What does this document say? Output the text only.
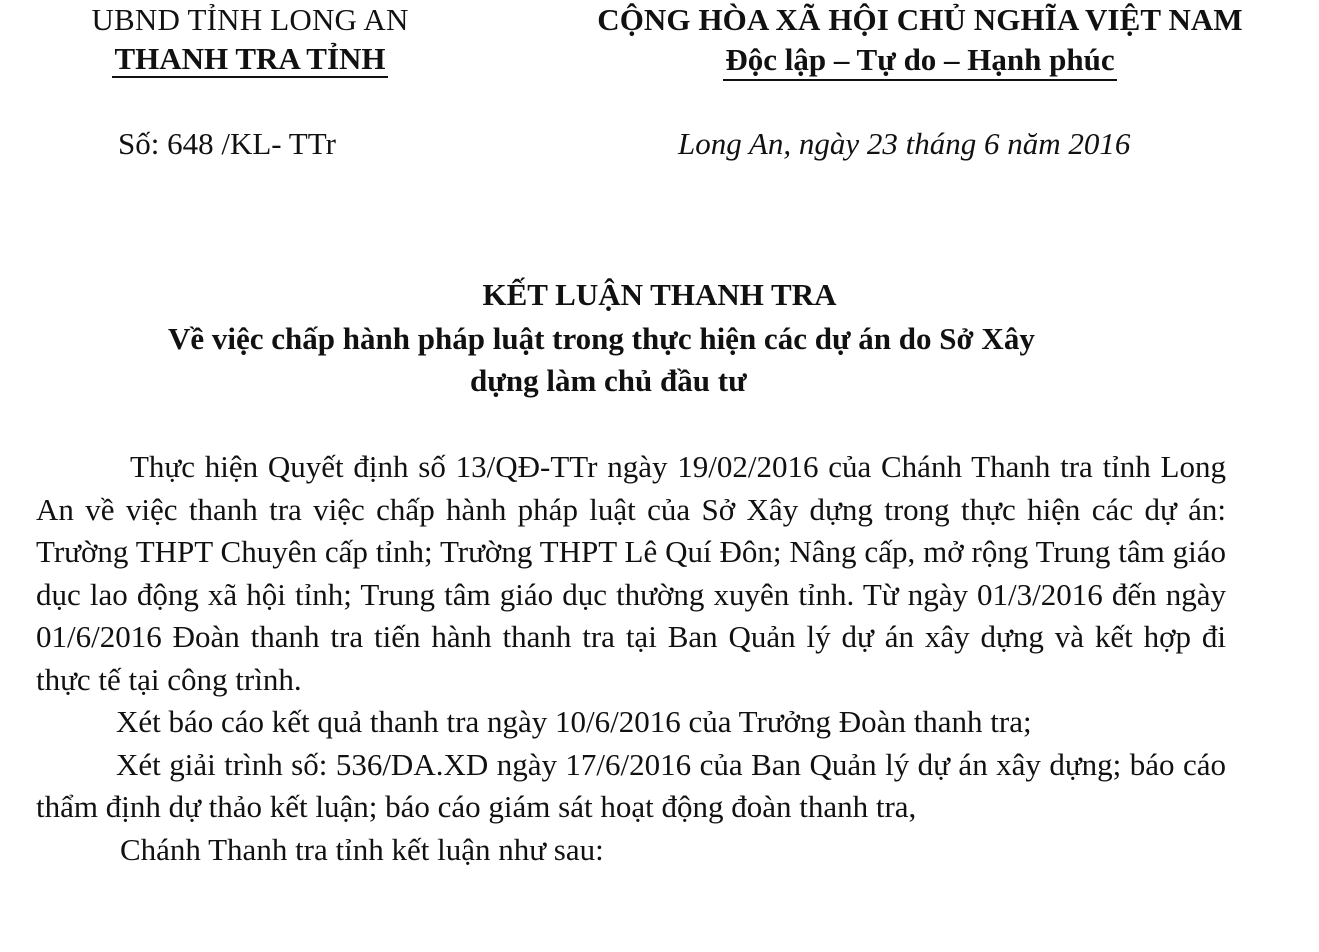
UBND TỈNH LONG AN
THANH TRA TỈNH
Số: 648 /KL- TTr
CỘNG HÒA XÃ HỘI CHỦ NGHĨA VIỆT NAM
Độc lập – Tự do – Hạnh phúc
Long An, ngày 23 tháng 6 năm 2016
KẾT LUẬN THANH TRA
Về việc chấp hành pháp luật trong thực hiện các dự án do Sở Xây
dựng làm chủ đầu tư

Thực hiện Quyết định số 13/QĐ-TTr ngày 19/02/2016 của Chánh Thanh tra tỉnh Long An về việc thanh tra việc chấp hành pháp luật của Sở Xây dựng trong thực hiện các dự án: Trường THPT Chuyên cấp tỉnh; Trường THPT Lê Quí Đôn; Nâng cấp, mở rộng Trung tâm giáo dục lao động xã hội tỉnh; Trung tâm giáo dục thường xuyên tỉnh. Từ ngày 01/3/2016 đến ngày 01/6/2016 Đoàn thanh tra tiến hành thanh tra tại Ban Quản lý dự án xây dựng và kết hợp đi thực tế tại công trình.

Xét báo cáo kết quả thanh tra ngày 10/6/2016 của Trưởng Đoàn thanh tra;

Xét giải trình số: 536/DA.XD ngày 17/6/2016 của Ban Quản lý dự án xây dựng; báo cáo thẩm định dự thảo kết luận; báo cáo giám sát hoạt động đoàn thanh tra,

Chánh Thanh tra tỉnh kết luận như sau:
